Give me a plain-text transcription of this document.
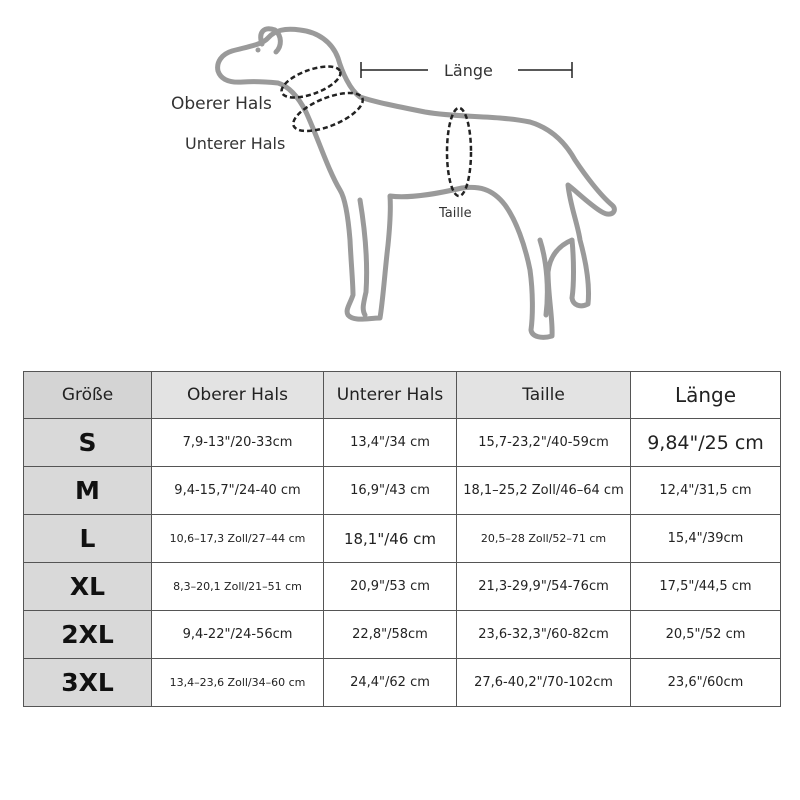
Oberer Hals
Unterer Hals
Länge
Taille
Größe	Oberer Hals	Unterer Hals	Taille	Länge
S	7,9-13"/20-33cm	13,4"/34 cm	15,7-23,2"/40-59cm	9,84"/25 cm
M	9,4-15,7"/24-40 cm	16,9"/43 cm	18,1–25,2 Zoll/46–64 cm	12,4"/31,5 cm
L	10,6–17,3 Zoll/27–44 cm	18,1"/46 cm	20,5–28 Zoll/52–71 cm	15,4"/39cm
XL	8,3–20,1 Zoll/21–51 cm	20,9"/53 cm	21,3-29,9"/54-76cm	17,5"/44,5 cm
2XL	9,4-22"/24-56cm	22,8"/58cm	23,6-32,3"/60-82cm	20,5"/52 cm
3XL	13,4–23,6 Zoll/34–60 cm	24,4"/62 cm	27,6-40,2"/70-102cm	23,6"/60cm
